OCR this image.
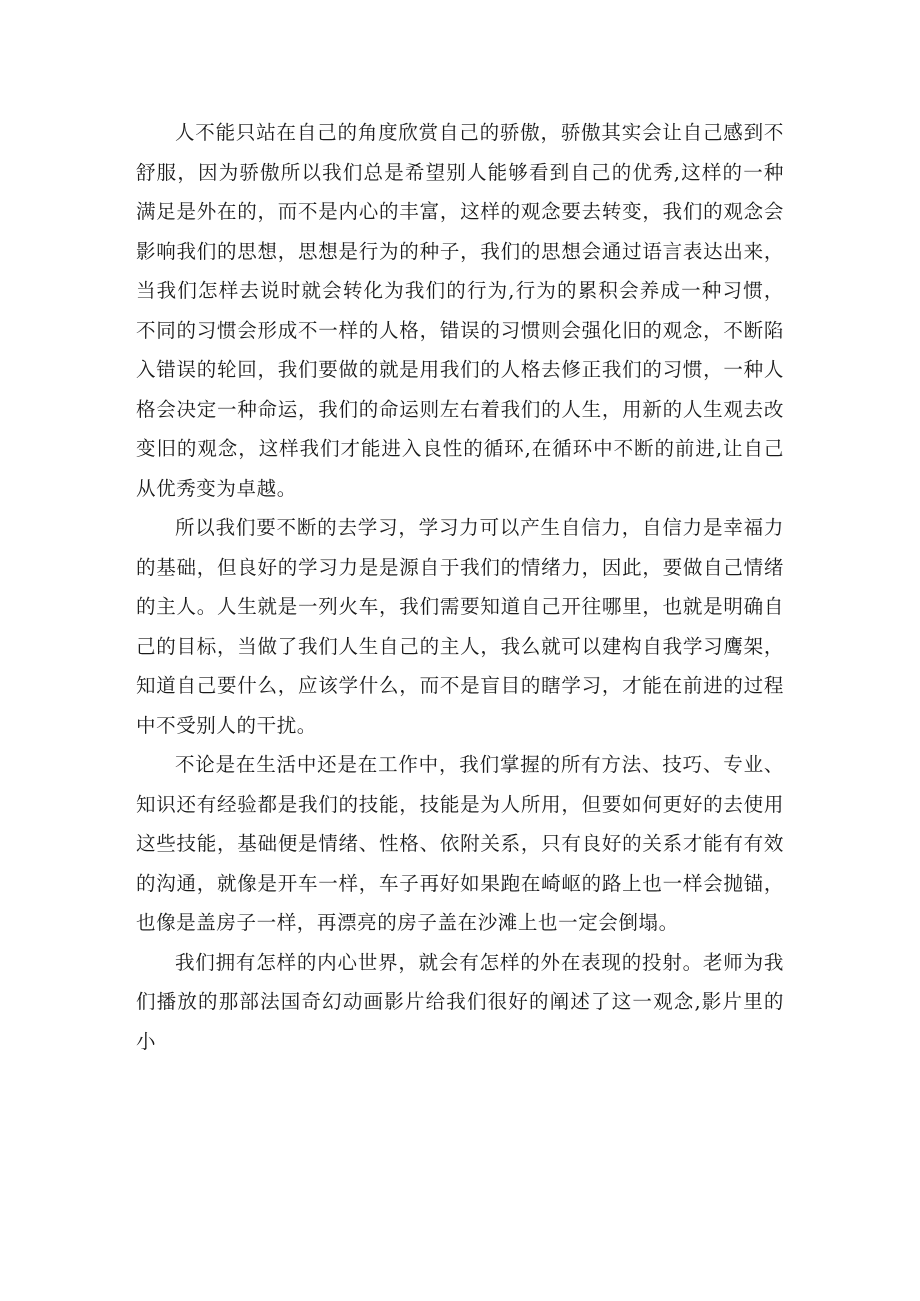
人不能只站在自己的角度欣赏自己的骄傲，骄傲其实会让自己感到不舒服，因为骄傲所以我们总是希望别人能够看到自己的优秀,这样的一种满足是外在的，而不是内心的丰富，这样的观念要去转变，我们的观念会影响我们的思想，思想是行为的种子，我们的思想会通过语言表达出来，当我们怎样去说时就会转化为我们的行为,行为的累积会养成一种习惯，不同的习惯会形成不一样的人格，错误的习惯则会强化旧的观念，不断陷入错误的轮回，我们要做的就是用我们的人格去修正我们的习惯，一种人格会决定一种命运，我们的命运则左右着我们的人生，用新的人生观去改变旧的观念，这样我们才能进入良性的循环,在循环中不断的前进,让自己从优秀变为卓越。

所以我们要不断的去学习，学习力可以产生自信力，自信力是幸福力的基础，但良好的学习力是是源自于我们的情绪力，因此，要做自己情绪的主人。人生就是一列火车，我们需要知道自己开往哪里，也就是明确自己的目标，当做了我们人生自己的主人，我么就可以建构自我学习鹰架，知道自己要什么，应该学什么，而不是盲目的瞎学习，才能在前进的过程中不受别人的干扰。

不论是在生活中还是在工作中，我们掌握的所有方法、技巧、专业、知识还有经验都是我们的技能，技能是为人所用，但要如何更好的去使用这些技能，基础便是情绪、性格、依附关系，只有良好的关系才能有有效的沟通，就像是开车一样，车子再好如果跑在崎岖的路上也一样会抛锚，也像是盖房子一样，再漂亮的房子盖在沙滩上也一定会倒塌。

我们拥有怎样的内心世界，就会有怎样的外在表现的投射。老师为我们播放的那部法国奇幻动画影片给我们很好的阐述了这一观念,影片里的小
